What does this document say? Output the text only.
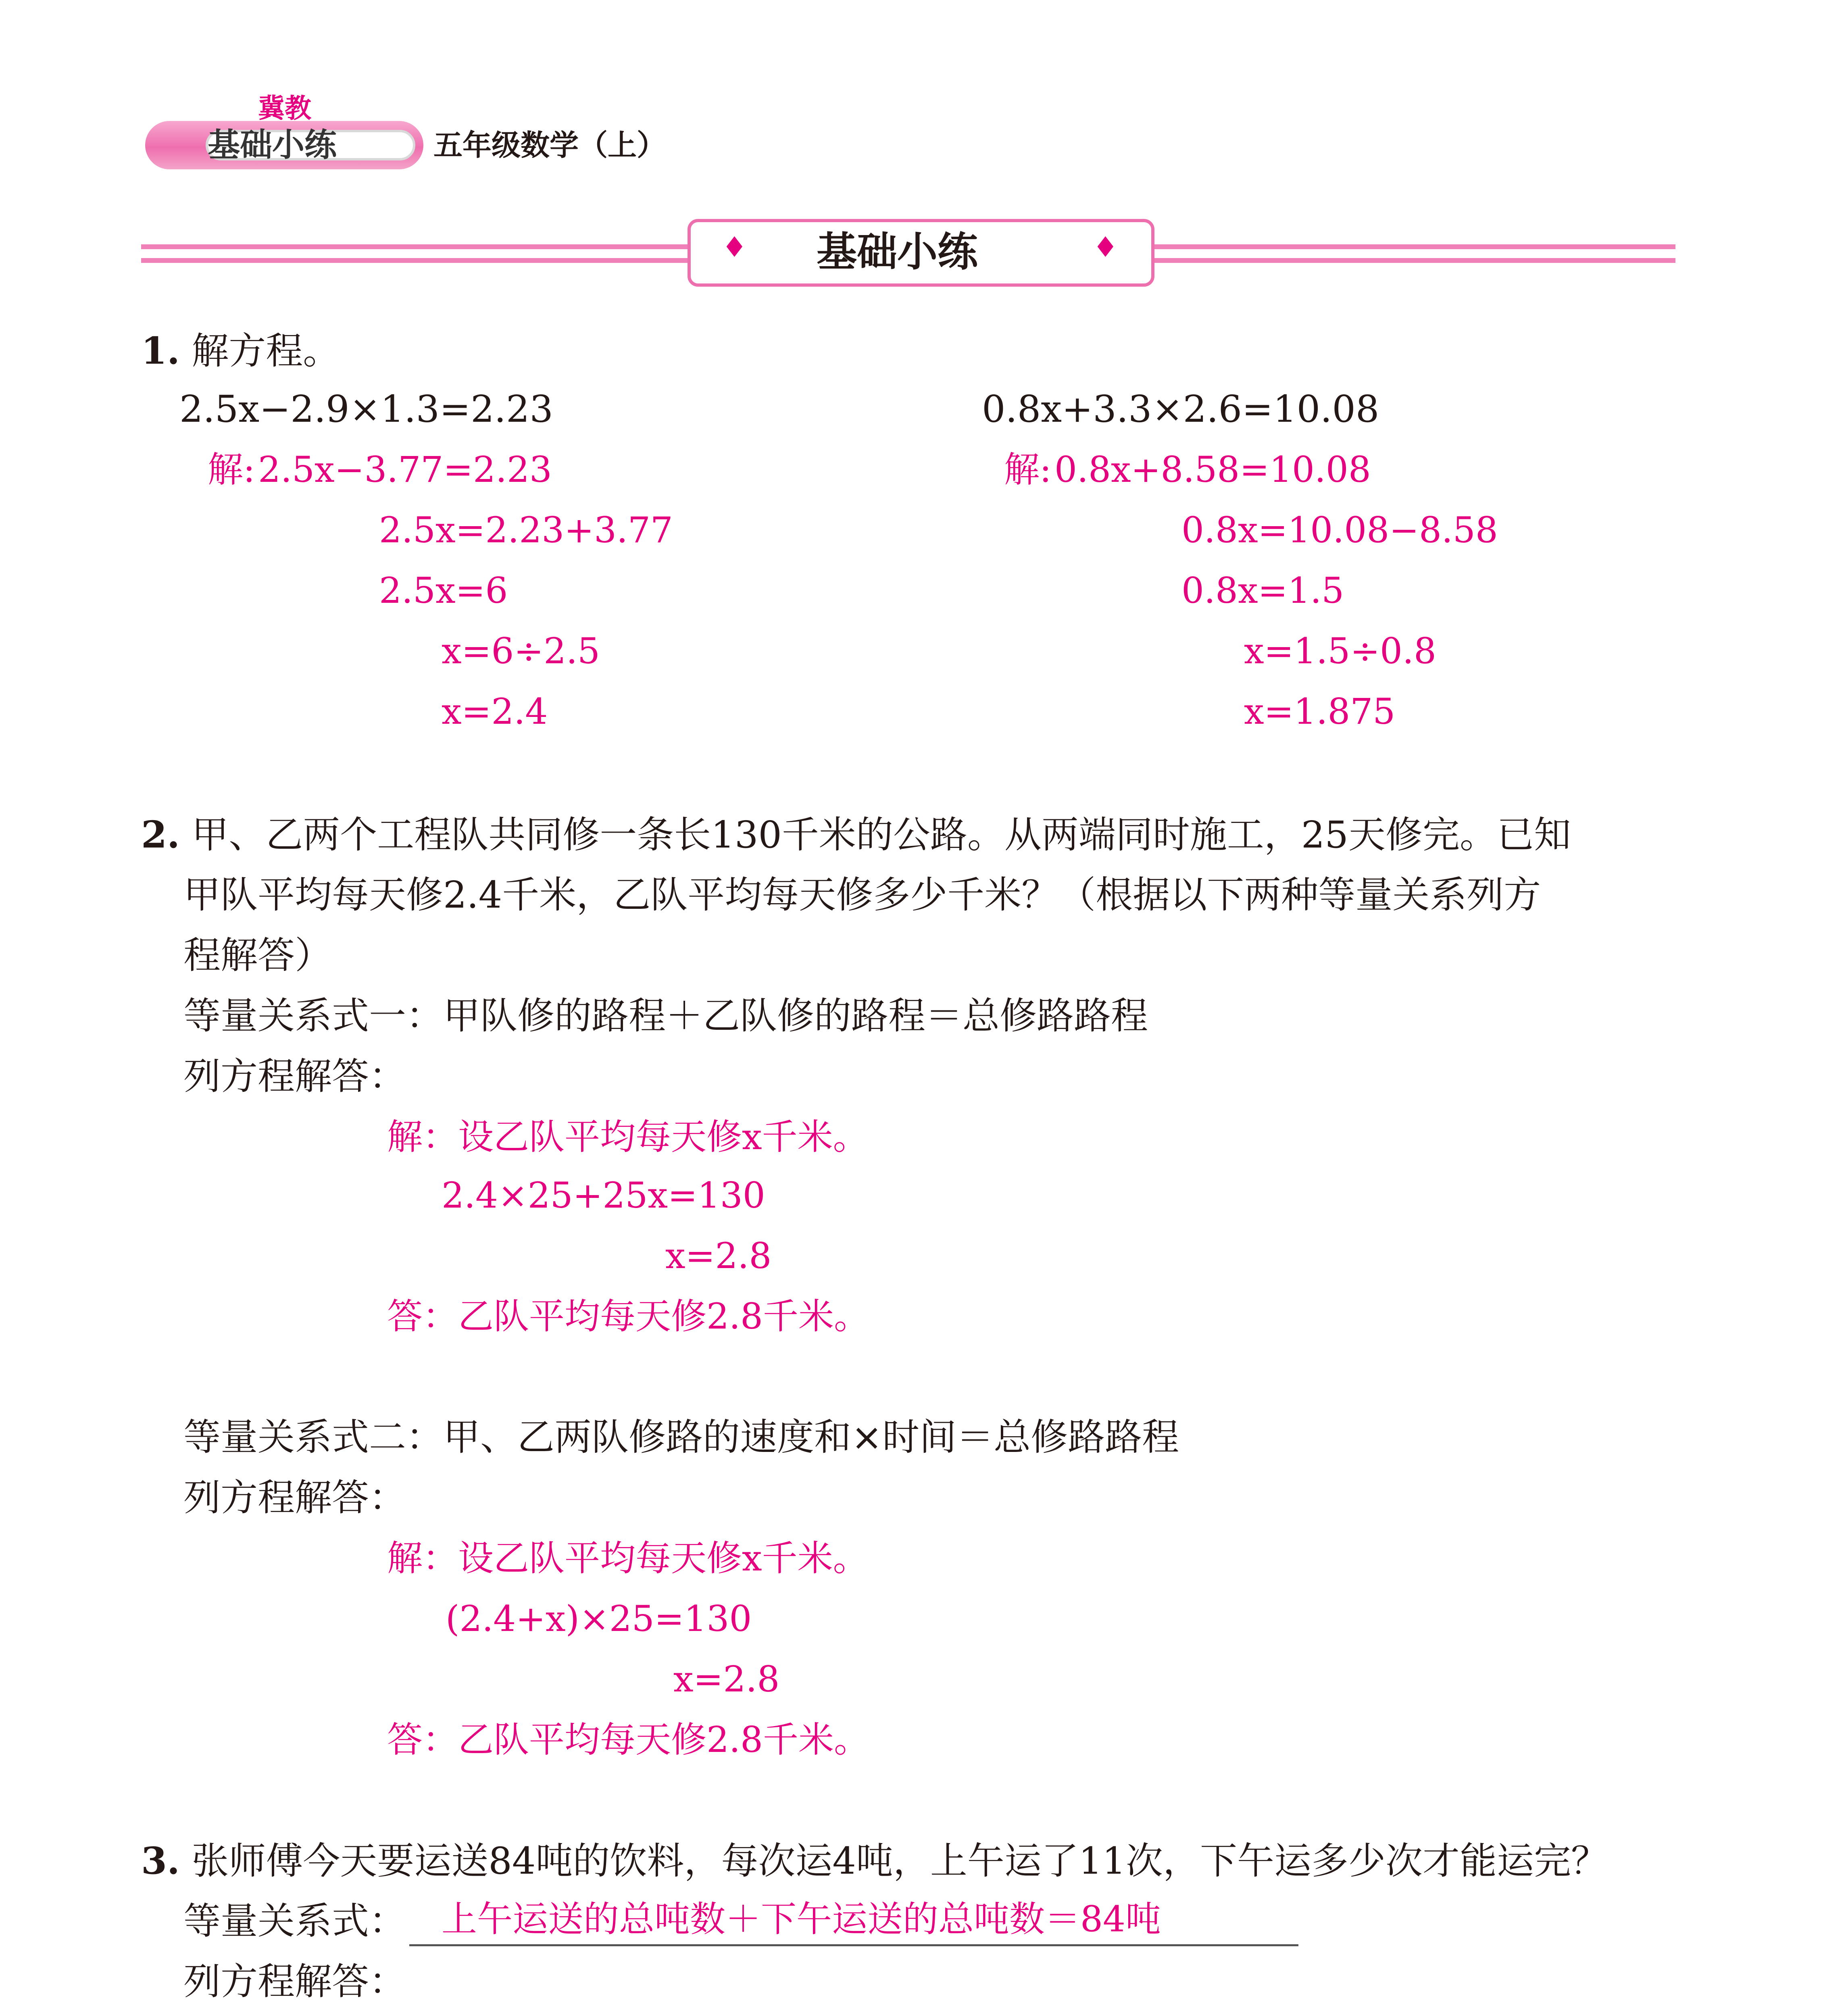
冀教
基础小练	五年级数学（上）
♦	♦
基础小练
1. 解方程。
2.5x−2.9×1.3=2.23
解: 2.5x−3.77=2.23
2.5x=2.23+3.77
2.5x=6
x=6÷2.5
x=2.4
0.8x+3.3×2.6=10.08
解: 0.8x+8.58=10.08
0.8x=10.08−8.58
0.8x=1.5
x=1.5÷0.8
x=1.875
2. 甲、乙两个工程队共同修一条长130千米的公路。从两端同时施工，25天修完。已知
甲队平均每天修2.4千米，乙队平均每天修多少千米？（根据以下两种等量关系列方
程解答）
等量关系式一：甲队修的路程＋乙队修的路程＝总修路路程
列方程解答：
解：设乙队平均每天修x千米。
2.4×25+25x=130
x=2.8
答：乙队平均每天修2.8千米。
等量关系式二：甲、乙两队修路的速度和×时间＝总修路路程
列方程解答：
解：设乙队平均每天修x千米。
(2.4+x)×25=130
x=2.8
答：乙队平均每天修2.8千米。
3. 张师傅今天要运送84吨的饮料，每次运4吨，上午运了11次，下午运多少次才能运完？
等量关系式： 上午运送的总吨数＋下午运送的总吨数＝84吨
列方程解答：
